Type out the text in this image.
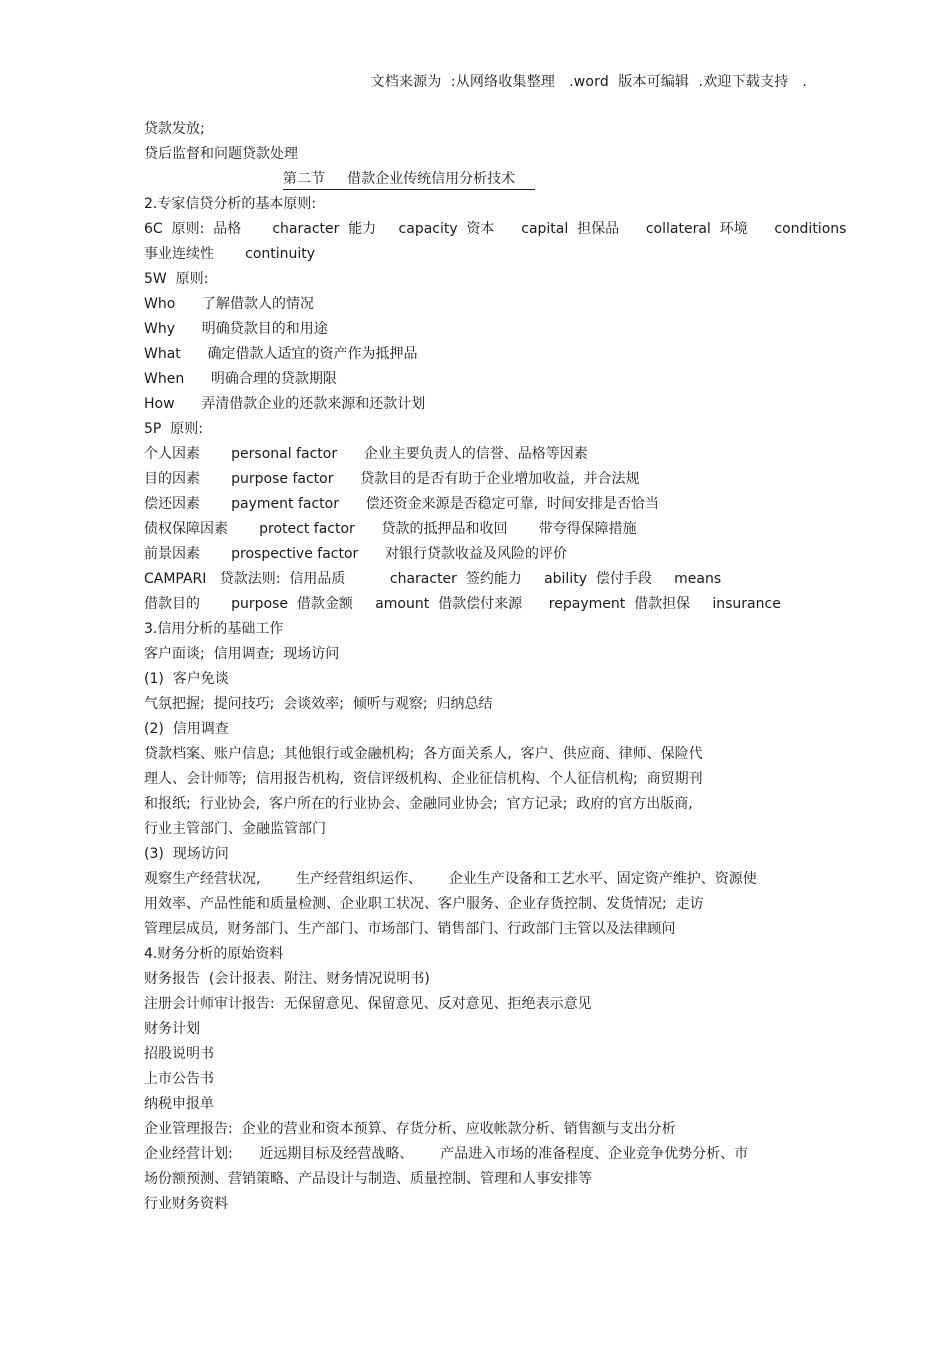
文档来源为  :从网络收集整理   .word  版本可编辑  .欢迎下载支持   .
贷款发放;
贷后监督和问题贷款处理
第二节     借款企业传统信用分析技术
2.专家信贷分析的基本原则:
6C  原则:  品格       character  能力     capacity  资本      capital  担保品      collateral  环境      conditions
事业连续性       continuity
5W  原则:
Who      了解借款人的情况
Why      明确贷款目的和用途
What      确定借款人适宜的资产作为抵押品
When      明确合理的贷款期限
How      弄清借款企业的还款来源和还款计划
5P  原则:
个人因素       personal factor      企业主要负责人的信誉、品格等因素
目的因素       purpose factor      贷款目的是否有助于企业增加收益,  并合法规
偿还因素       payment factor      偿还资金来源是否稳定可靠,  时间安排是否恰当
债权保障因素       protect factor      贷款的抵押品和收回       带夸得保障措施
前景因素       prospective factor      对银行贷款收益及风险的评价
CAMPARI   贷款法则:  信用品质          character  签约能力     ability  偿付手段     means
借款目的       purpose  借款金额     amount  借款偿付来源      repayment  借款担保     insurance
3.信用分析的基础工作
客户面谈;  信用调查;  现场访问
(1)  客户免谈
气氛把握;  提问技巧;  会谈效率;  倾听与观察;  归纳总结
(2)  信用调查
贷款档案、账户信息;  其他银行或金融机构;  各方面关系人,  客户、供应商、律师、保险代
理人、会计师等;  信用报告机构,  资信评级机构、企业征信机构、个人征信机构;  商贸期刊
和报纸;  行业协会,  客户所在的行业协会、金融同业协会;  官方记录;  政府的官方出版商,
行业主管部门、金融监管部门
(3)  现场访问
观察生产经营状况,        生产经营组织运作、      企业生产设备和工艺水平、固定资产维护、资源使
用效率、产品性能和质量检测、企业职工状况、客户服务、企业存货控制、发货情况;  走访
管理层成员,  财务部门、生产部门、市场部门、销售部门、行政部门主管以及法律顾问
4.财务分析的原始资料
财务报告  (会计报表、附注、财务情况说明书)
注册会计师审计报告:  无保留意见、保留意见、反对意见、拒绝表示意见
财务计划
招股说明书
上市公告书
纳税申报单
企业管理报告:  企业的营业和资本预算、存货分析、应收帐款分析、销售额与支出分析
企业经营计划:      近远期目标及经营战略、      产品进入市场的准备程度、企业竞争优势分析、市
场份额预测、营销策略、产品设计与制造、质量控制、管理和人事安排等
行业财务资料
